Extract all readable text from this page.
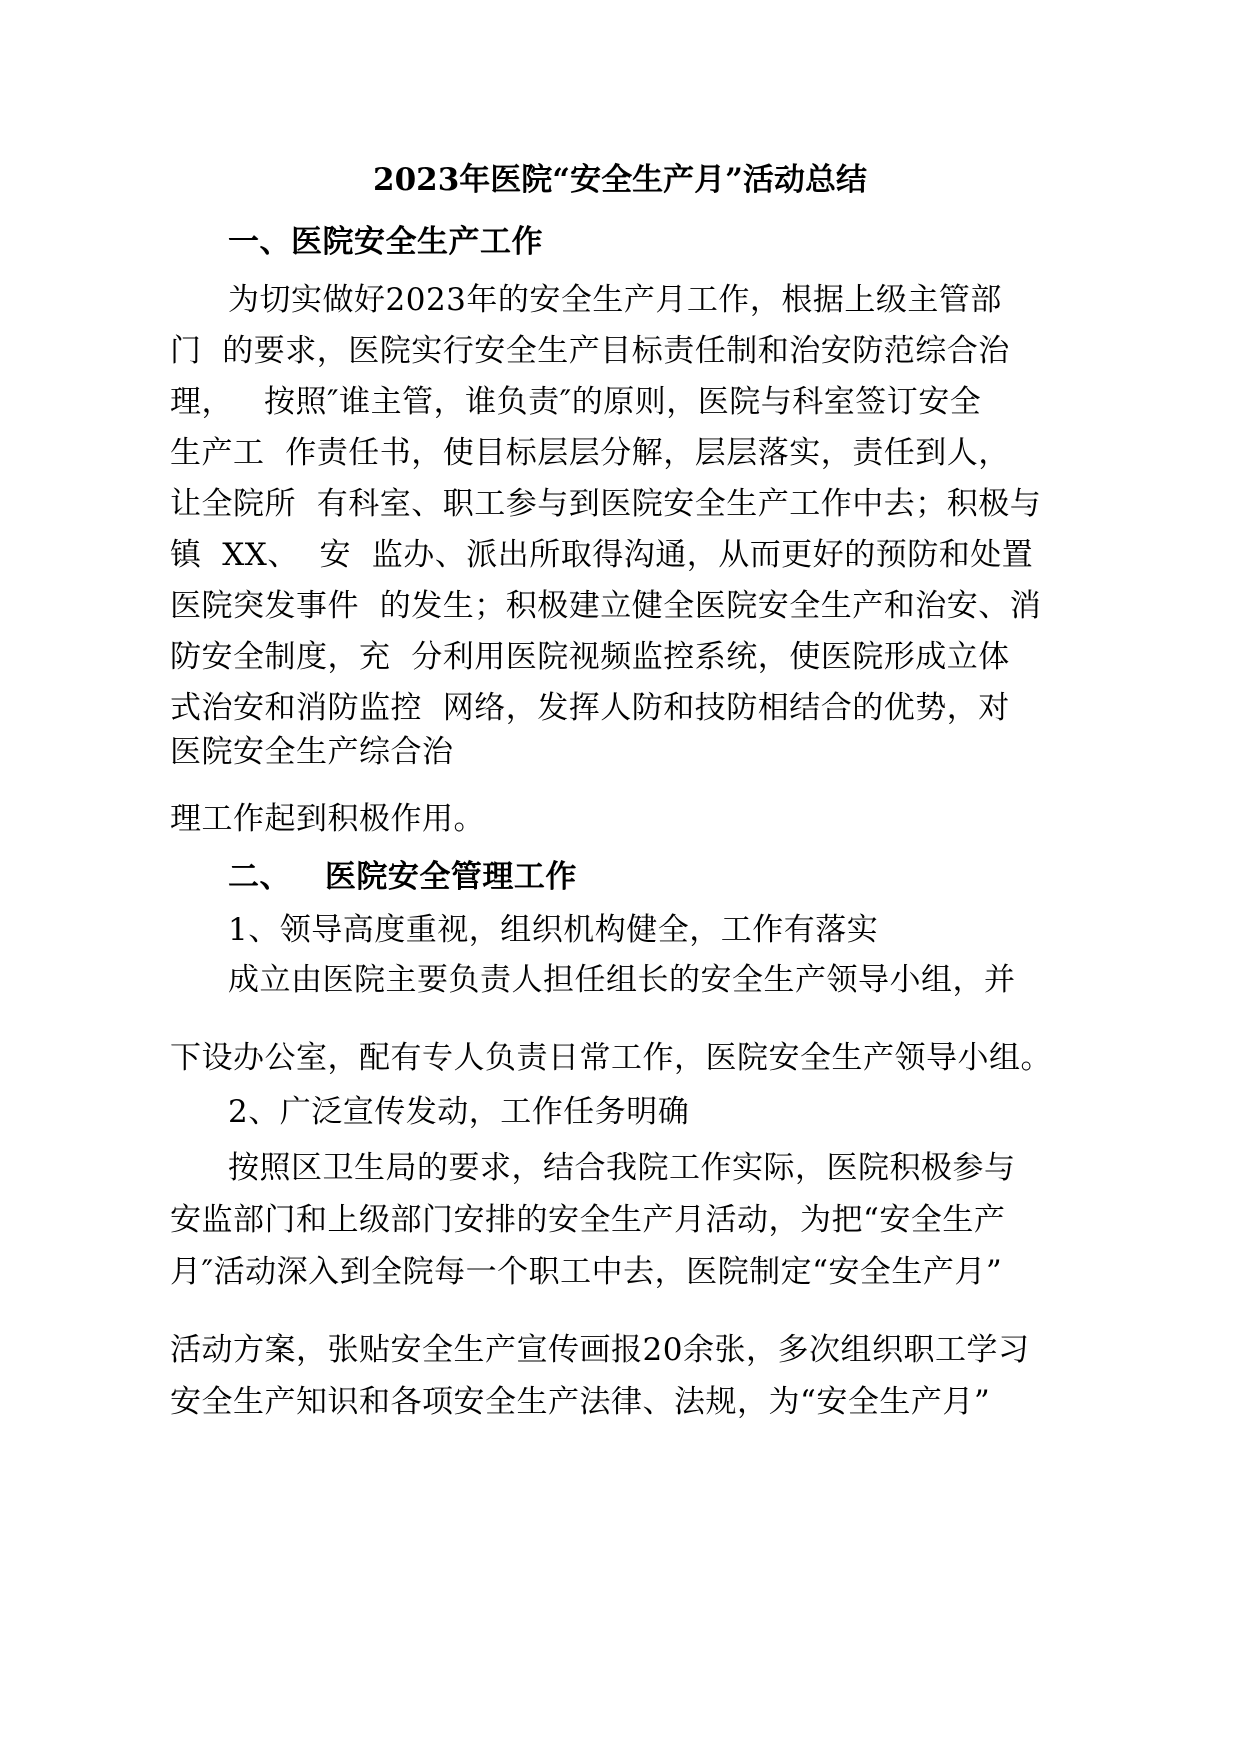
2023年医院“安全生产月”活动总结
一、医院安全生产工作
为切实做好2023年的安全生产月工作，根据上级主管部
门  的要求，医院实行安全生产目标责任制和治安防范综合治
理，   按照″谁主管，谁负责″的原则，医院与科室签订安全
生产工  作责任书，使目标层层分解，层层落实，责任到人，
让全院所  有科室、职工参与到医院安全生产工作中去；积极与
镇  XX、  安  监办、派出所取得沟通，从而更好的预防和处置
医院突发事件  的发生；积极建立健全医院安全生产和治安、消
防安全制度，充  分利用医院视频监控系统，使医院形成立体
式治安和消防监控  网络，发挥人防和技防相结合的优势，对
医院安全生产综合治
理工作起到积极作用。
二、   医院安全管理工作
1、领导高度重视，组织机构健全，工作有落实
成立由医院主要负责人担任组长的安全生产领导小组，并
下设办公室，配有专人负责日常工作，医院安全生产领导小组。
2、广泛宣传发动，工作任务明确
按照区卫生局的要求，结合我院工作实际，医院积极参与
安监部门和上级部门安排的安全生产月活动，为把“安全生产
月″活动深入到全院每一个职工中去，医院制定“安全生产月”
活动方案，张贴安全生产宣传画报20余张，多次组织职工学习
安全生产知识和各项安全生产法律、法规，为“安全生产月”
